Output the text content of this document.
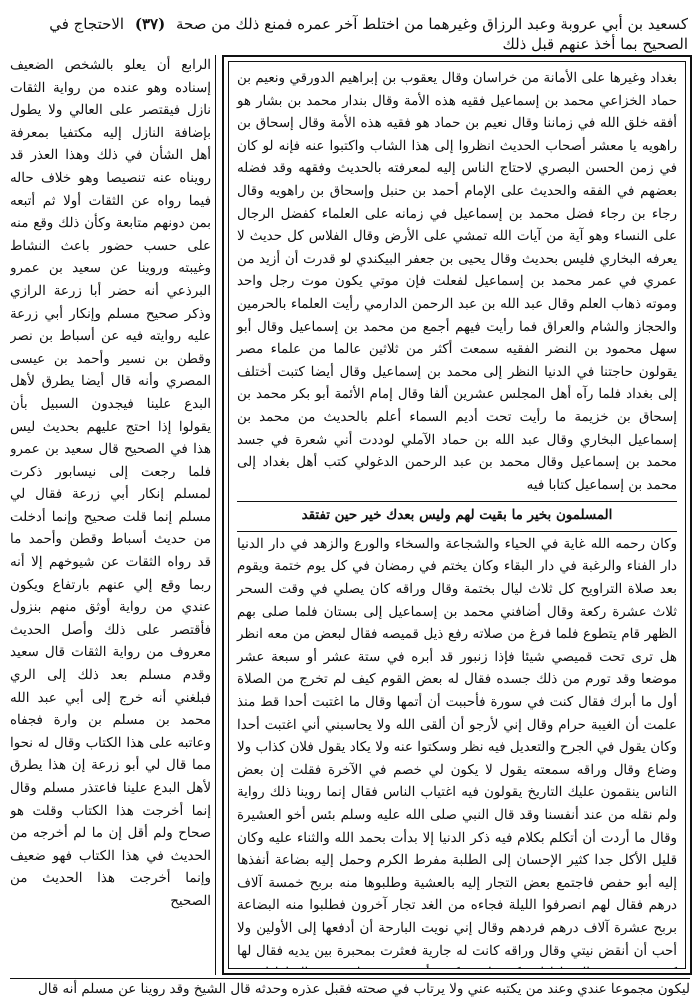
كسعيد بن أبي عروبة وعبد الرزاق وغيرهما من اختلط آخر عمره فمنع ذلك من صحة (٣٧) الاحتجاج في الصحيح بما أخذ عنهم قبل ذلك

بغداد وغيرها على الأمانة من خراسان وقال يعقوب بن إبراهيم الدورقي ونعيم بن حماد الخزاعي محمد بن إسماعيل فقيه هذه الأمة وقال بندار محمد بن بشار هو أفقه خلق الله في زماننا وقال نعيم بن حماد هو فقيه هذه الأمة وقال إسحاق بن راهويه يا معشر أصحاب الحديث انظروا إلى هذا الشاب واكتبوا عنه فإنه لو كان في زمن الحسن البصري لاحتاج الناس إليه لمعرفته بالحديث وفقهه وقد فضله بعضهم في الفقه والحديث على الإمام أحمد بن حنبل وإسحاق بن راهويه وقال رجاء بن رجاء فضل محمد بن إسماعيل في زمانه على العلماء كفضل الرجال على النساء وهو آية من آيات الله تمشي على الأرض وقال الفلاس كل حديث لا يعرفه البخاري فليس بحديث وقال يحيى بن جعفر البيكندي لو قدرت أن أزيد من عمري في عمر محمد بن إسماعيل لفعلت فإن موتي يكون موت رجل واحد وموته ذهاب العلم وقال عبد الله بن عبد الرحمن الدارمي رأيت العلماء بالحرمين والحجاز والشام والعراق فما رأيت فيهم أجمع من محمد بن إسماعيل وقال أبو سهل محمود بن النضر الفقيه سمعت أكثر من ثلاثين عالما من علماء مصر يقولون حاجتنا في الدنيا النظر إلى محمد بن إسماعيل وقال أيضا كتبت أختلف إلى بغداد فلما رآه أهل المجلس عشرين ألفا وقال إمام الأئمة أبو بكر محمد بن إسحاق بن خزيمة ما رأيت تحت أديم السماء أعلم بالحديث من محمد بن إسماعيل البخاري وقال عبد الله بن حماد الآملي لوددت أني شعرة في جسد محمد بن إسماعيل وقال محمد بن عبد الرحمن الدغولي كتب أهل بغداد إلى محمد بن إسماعيل كتابا فيه

المسلمون بخير ما بقيت لهم وليس بعدك خير حين تفتقد

وكان رحمه الله غاية في الحياء والشجاعة والسخاء والورع والزهد في دار الدنيا دار الفناء والرغبة في دار البقاء وكان يختم في رمضان في كل يوم ختمة ويقوم بعد صلاة التراويح كل ثلاث ليال بختمة وقال وراقه كان يصلي في وقت السحر ثلاث عشرة ركعة وقال أضافني محمد بن إسماعيل إلى بستان فلما صلى بهم الظهر قام يتطوع فلما فرغ من صلاته رفع ذيل قميصه فقال لبعض من معه انظر هل ترى تحت قميصي شيئا فإذا زنبور قد أبره في ستة عشر أو سبعة عشر موضعا وقد تورم من ذلك جسده فقال له بعض القوم كيف لم تخرج من الصلاة أول ما أبرك فقال كنت في سورة فأحببت أن أتمها وقال ما اغتبت أحدا قط منذ علمت أن الغيبة حرام وقال إني لأرجو أن ألقى الله ولا يحاسبني أني اغتبت أحدا وكان يقول في الجرح والتعديل فيه نظر وسكتوا عنه ولا يكاد يقول فلان كذاب ولا وضاع وقال وراقه سمعته يقول لا يكون لي خصم في الآخرة فقلت إن بعض الناس ينقمون عليك التاريخ يقولون فيه اغتياب الناس فقال إنما روينا ذلك رواية ولم نقله من عند أنفسنا وقد قال النبي صلى الله عليه وسلم بئس أخو العشيرة وقال ما أردت أن أتكلم بكلام فيه ذكر الدنيا إلا بدأت بحمد الله والثناء عليه وكان قليل الأكل جدا كثير الإحسان إلى الطلبة مفرط الكرم وحمل إليه بضاعة أنفذها إليه أبو حفص فاجتمع بعض التجار إليه بالعشية وطلبوها منه بربح خمسة آلاف درهم فقال لهم انصرفوا الليلة فجاءه من الغد تجار آخرون فطلبوا منه البضاعة بربح عشرة آلاف درهم فردهم وقال إني نويت البارحة أن أدفعها إلى الأولين ولا أحب أن أنقض نيتي وقال وراقه كانت له جارية فعثرت بمحبرة بين يديه فقال لها

الرابع أن يعلو بالشخص الضعيف إسناده وهو عنده من رواية الثقات نازل فيقتصر على العالي ولا يطول بإضافة النازل إليه مكتفيا بمعرفة أهل الشأن في ذلك وهذا العذر قد رويناه عنه تنصيصا وهو خلاف حاله فيما رواه عن الثقات أولا ثم أتبعه بمن دونهم متابعة وكأن ذلك وقع منه على حسب حضور باعث النشاط وغيبته وروينا عن سعيد بن عمرو البرذعي أنه حضر أبا زرعة الرازي وذكر صحيح مسلم وإنكار أبي زرعة عليه روايته فيه عن أسباط بن نصر وقطن بن نسير وأحمد بن عيسى المصري وأنه قال أيضا يطرق لأهل البدع علينا فيجدون السبيل بأن يقولوا إذا احتج عليهم بحديث ليس هذا في الصحيح قال سعيد بن عمرو فلما رجعت إلى نيسابور ذكرت لمسلم إنكار أبي زرعة فقال لي مسلم إنما قلت صحيح وإنما أدخلت من حديث أسباط وقطن وأحمد ما قد رواه الثقات عن شيوخهم إلا أنه ربما وقع إلي عنهم بارتفاع ويكون عندي من رواية أوثق منهم بنزول فأقتصر على ذلك وأصل الحديث معروف من رواية الثقات قال سعيد وقدم مسلم بعد ذلك إلى الري فبلغني أنه خرج إلى أبي عبد الله محمد بن مسلم بن وارة فجفاه وعاتبه على هذا الكتاب وقال له نحوا مما قال لي أبو زرعة إن هذا يطرق لأهل البدع علينا فاعتذر مسلم وقال إنما أخرجت هذا الكتاب وقلت هو صحاح ولم أقل إن ما لم أخرجه من الحديث في هذا الكتاب فهو ضعيف وإنما أخرجت هذا الحديث من الصحيح
ليكون مجموعا عندي وعند من يكتبه عني ولا يرتاب في صحته فقبل عذره وحدثه قال الشيخ وقد روينا عن مسلم أنه قال
